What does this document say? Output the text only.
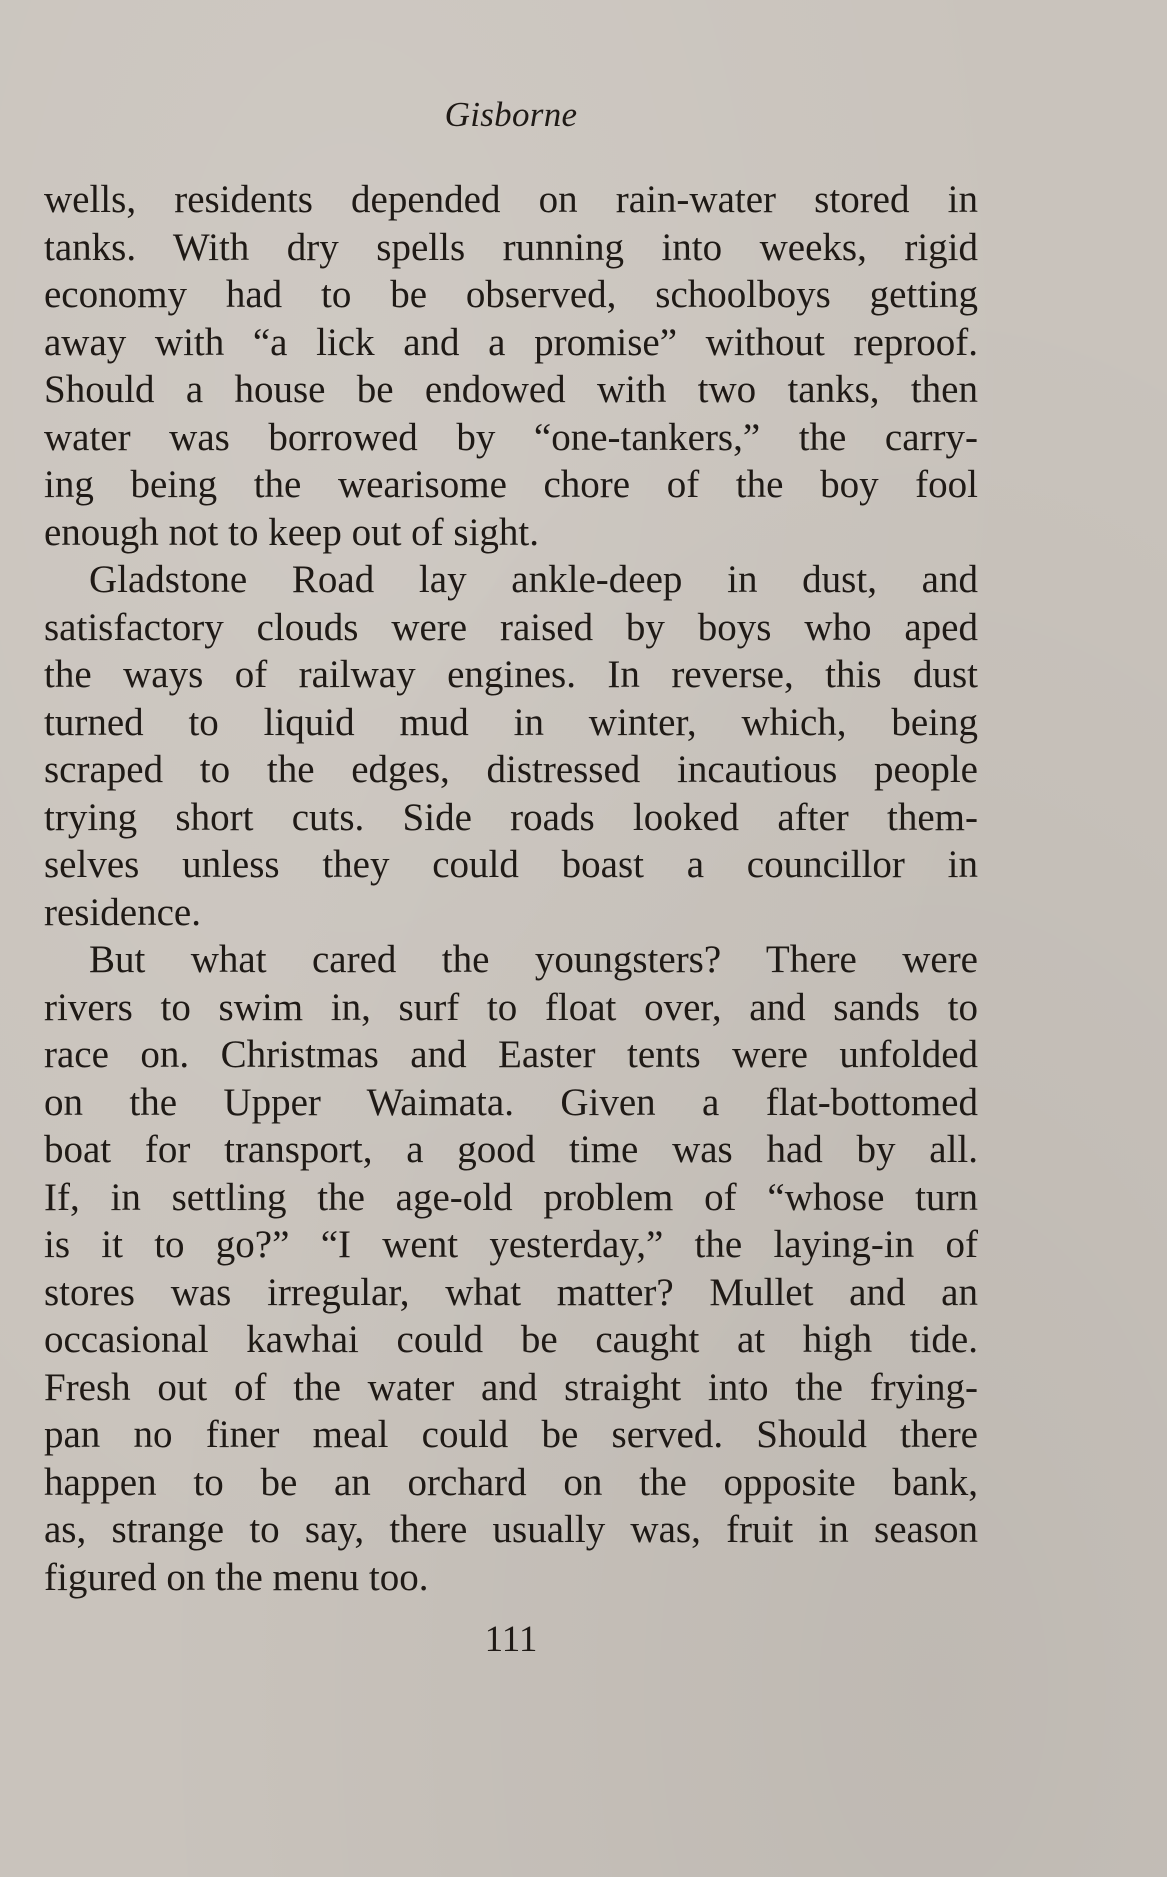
Gisborne
wells, residents depended on rain-water stored in
tanks. With dry spells running into weeks, rigid
economy had to be observed, schoolboys getting
away with “a lick and a promise” without reproof.
Should a house be endowed with two tanks, then
water was borrowed by “one-tankers,” the carry-
ing being the wearisome chore of the boy fool
enough not to keep out of sight.
Gladstone Road lay ankle-deep in dust, and
satisfactory clouds were raised by boys who aped
the ways of railway engines. In reverse, this dust
turned to liquid mud in winter, which, being
scraped to the edges, distressed incautious people
trying short cuts. Side roads looked after them-
selves unless they could boast a councillor in
residence.
But what cared the youngsters? There were
rivers to swim in, surf to float over, and sands to
race on. Christmas and Easter tents were unfolded
on the Upper Waimata. Given a flat-bottomed
boat for transport, a good time was had by all.
If, in settling the age-old problem of “whose turn
is it to go?” “I went yesterday,” the laying-in of
stores was irregular, what matter? Mullet and an
occasional kawhai could be caught at high tide.
Fresh out of the water and straight into the frying-
pan no finer meal could be served. Should there
happen to be an orchard on the opposite bank,
as, strange to say, there usually was, fruit in season
figured on the menu too.
111
